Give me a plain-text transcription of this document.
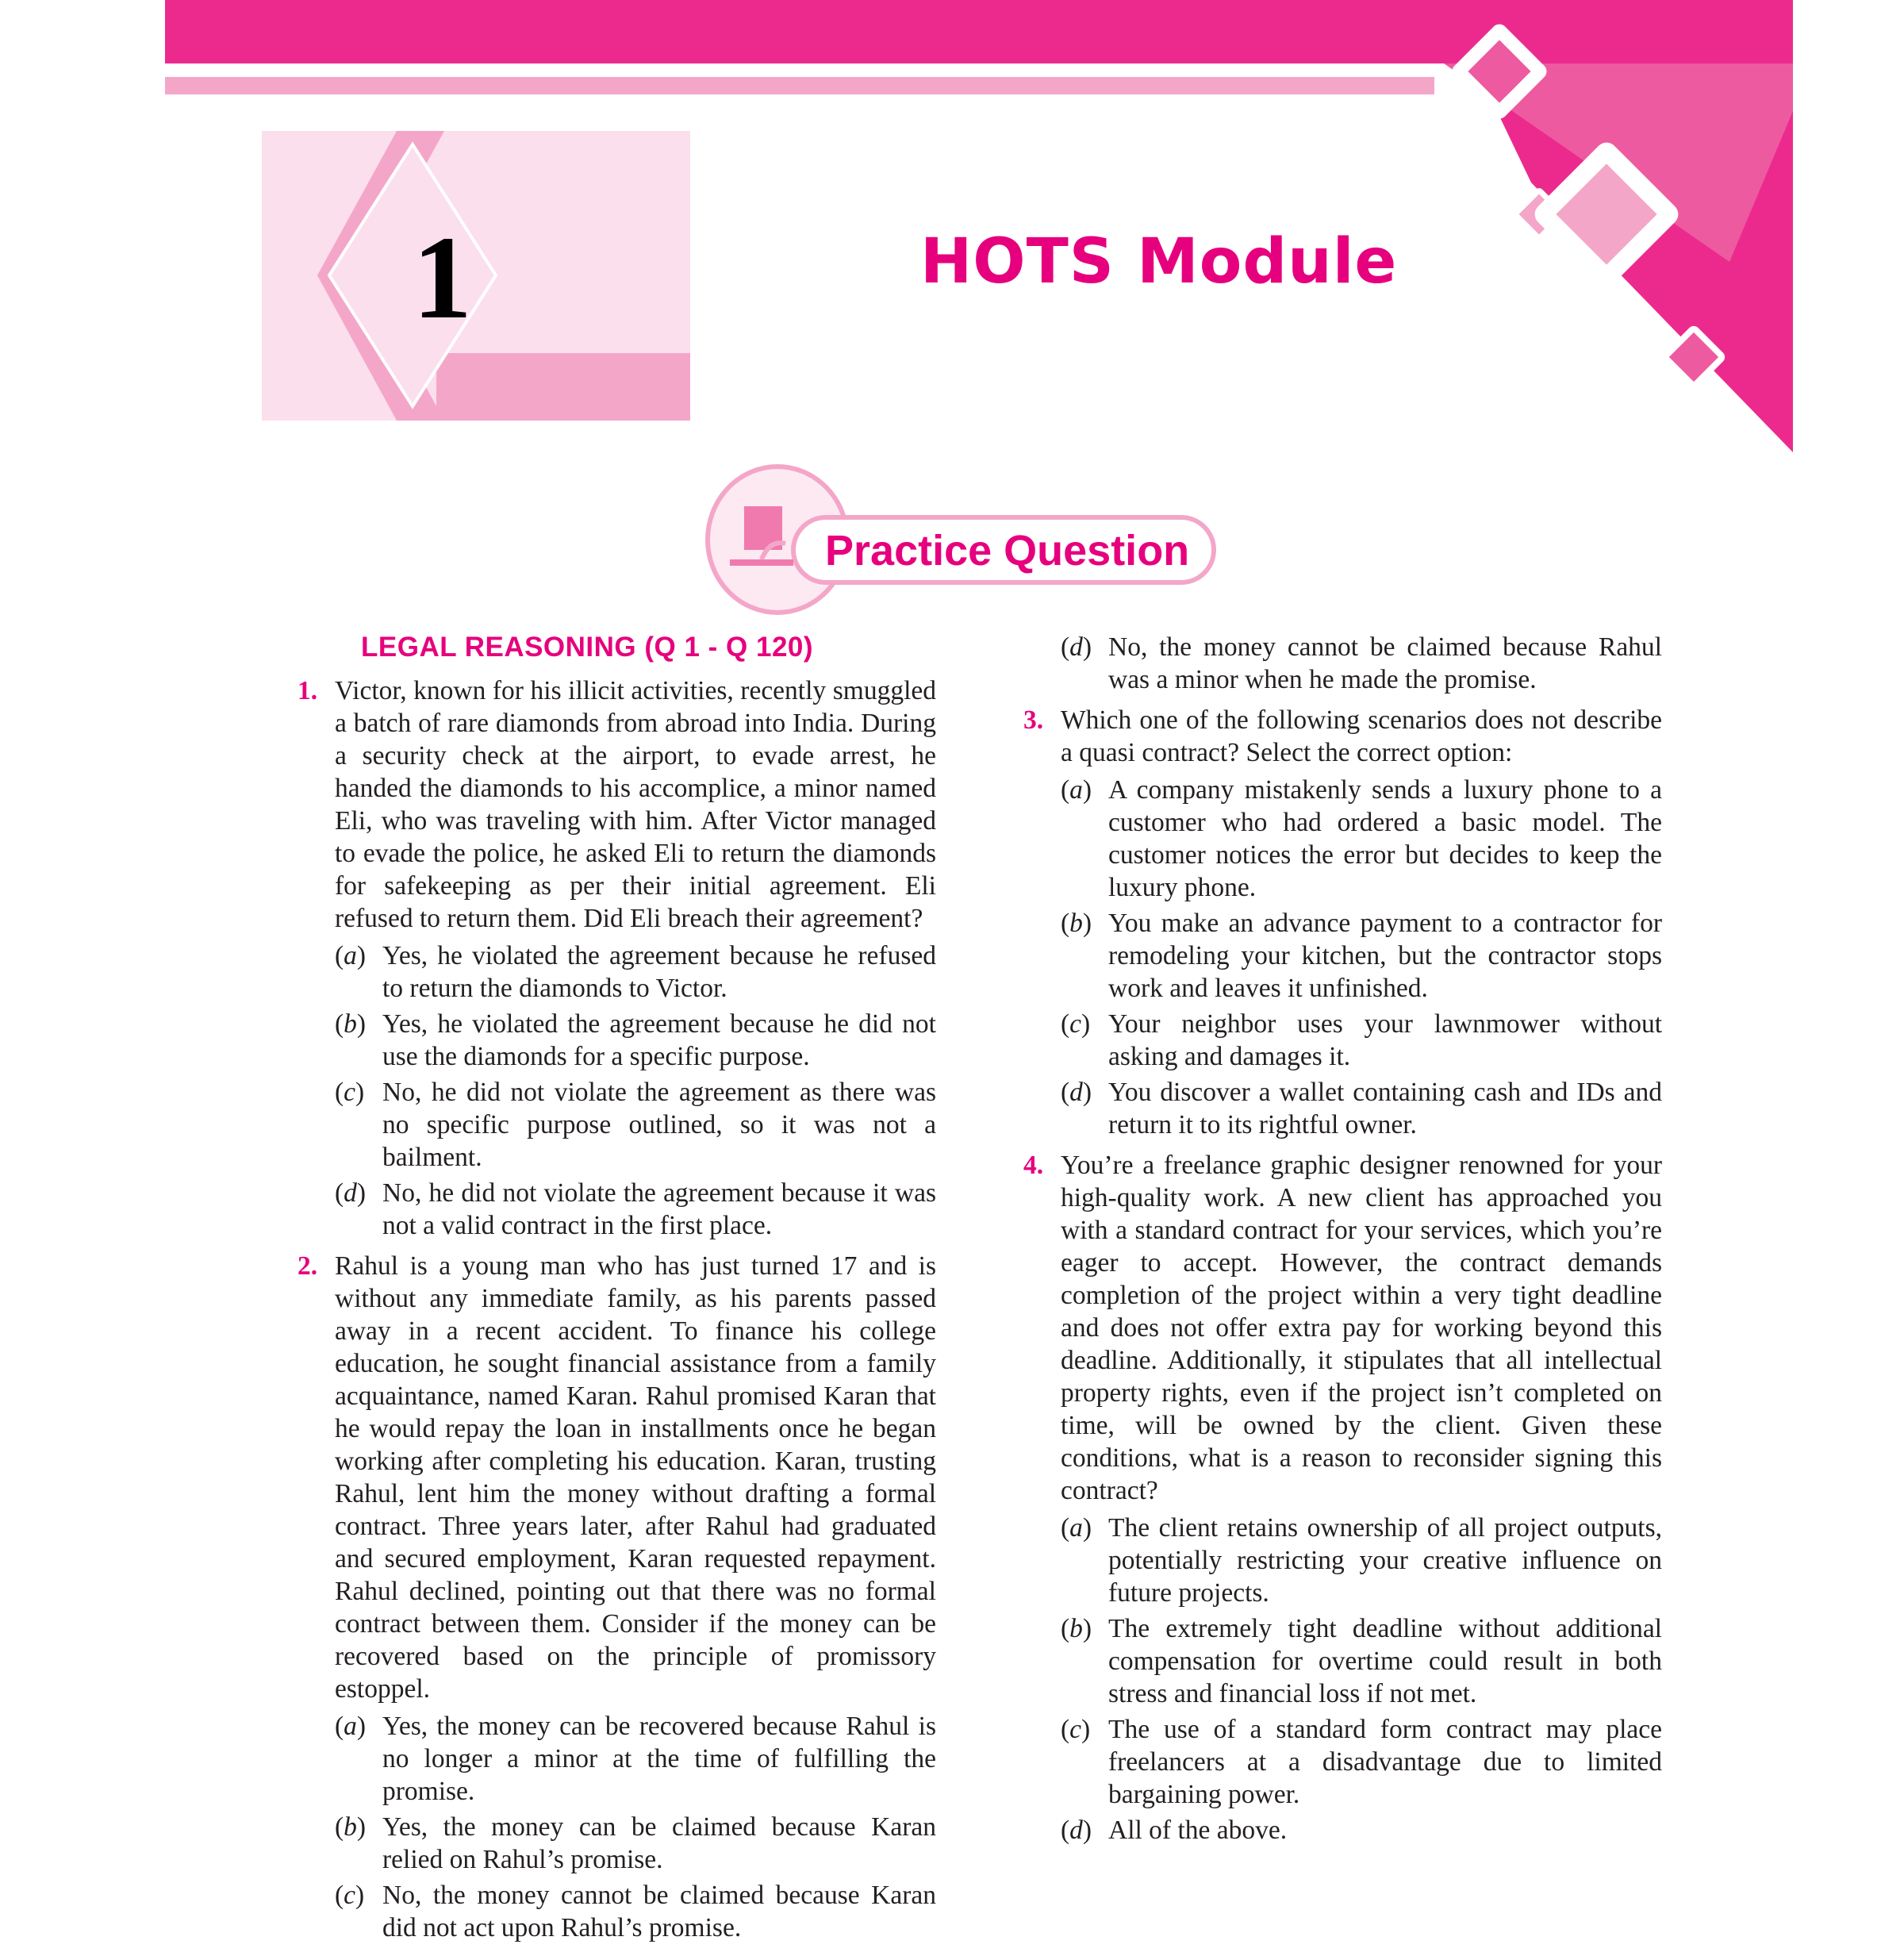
1	HOTS Module
Practice Question
LEGAL REASONING (Q 1 - Q 120)
1. Victor, known for his illicit activities, recently smuggled a batch of rare diamonds from abroad into India. During a security check at the airport, to evade arrest, he handed the diamonds to his accomplice, a minor named Eli, who was traveling with him. After Victor managed to evade the police, he asked Eli to return the diamonds for safekeeping as per their initial agreement. Eli refused to return them. Did Eli breach their agreement?
(a) Yes, he violated the agreement because he refused to return the diamonds to Victor.
(b) Yes, he violated the agreement because he did not use the diamonds for a specific purpose.
(c) No, he did not violate the agreement as there was no specific purpose outlined, so it was not a bailment.
(d) No, he did not violate the agreement because it was not a valid contract in the first place.
2. Rahul is a young man who has just turned 17 and is without any immediate family, as his parents passed away in a recent accident. To finance his college education, he sought financial assistance from a family acquaintance, named Karan. Rahul promised Karan that he would repay the loan in installments once he began working after completing his education. Karan, trusting Rahul, lent him the money without drafting a formal contract. Three years later, after Rahul had graduated and secured employment, Karan requested repayment. Rahul declined, pointing out that there was no formal contract between them. Consider if the money can be recovered based on the principle of promissory estoppel.
(a) Yes, the money can be recovered because Rahul is no longer a minor at the time of fulfilling the promise.
(b) Yes, the money can be claimed because Karan relied on Rahul’s promise.
(c) No, the money cannot be claimed because Karan did not act upon Rahul’s promise.
(d) No, the money cannot be claimed because Rahul was a minor when he made the promise.
3. Which one of the following scenarios does not describe a quasi contract? Select the correct option:
(a) A company mistakenly sends a luxury phone to a customer who had ordered a basic model. The customer notices the error but decides to keep the luxury phone.
(b) You make an advance payment to a contractor for remodeling your kitchen, but the contractor stops work and leaves it unfinished.
(c) Your neighbor uses your lawnmower without asking and damages it.
(d) You discover a wallet containing cash and IDs and return it to its rightful owner.
4. You’re a freelance graphic designer renowned for your high-quality work. A new client has approached you with a standard contract for your services, which you’re eager to accept. However, the contract demands completion of the project within a very tight deadline and does not offer extra pay for working beyond this deadline. Additionally, it stipulates that all intellectual property rights, even if the project isn’t completed on time, will be owned by the client. Given these conditions, what is a reason to reconsider signing this contract?
(a) The client retains ownership of all project outputs, potentially restricting your creative influence on future projects.
(b) The extremely tight deadline without additional compensation for overtime could result in both stress and financial loss if not met.
(c) The use of a standard form contract may place freelancers at a disadvantage due to limited bargaining power.
(d) All of the above.
